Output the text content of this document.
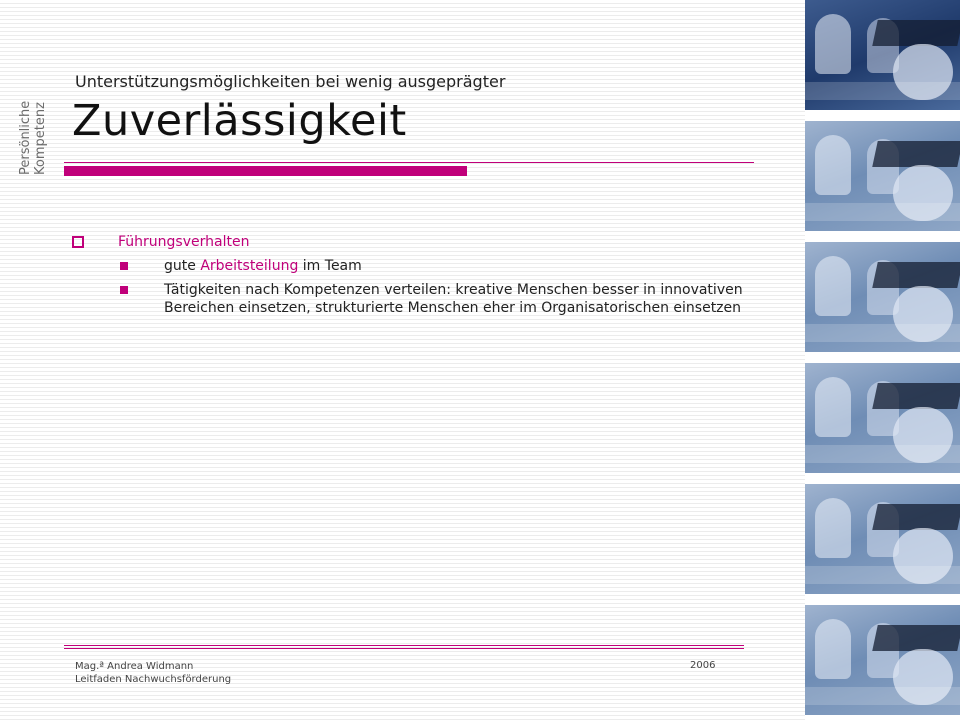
Persönliche Kompetenz
Unterstützungsmöglichkeiten bei wenig ausgeprägter
Zuverlässigkeit
Führungsverhalten
gute Arbeitsteilung im Team
Tätigkeiten nach Kompetenzen verteilen: kreative Menschen besser in innovativen Bereichen einsetzen, strukturierte Menschen eher im Organisatorischen einsetzen
Mag.ª Andrea Widmann
Leitfaden Nachwuchsförderung
2006
